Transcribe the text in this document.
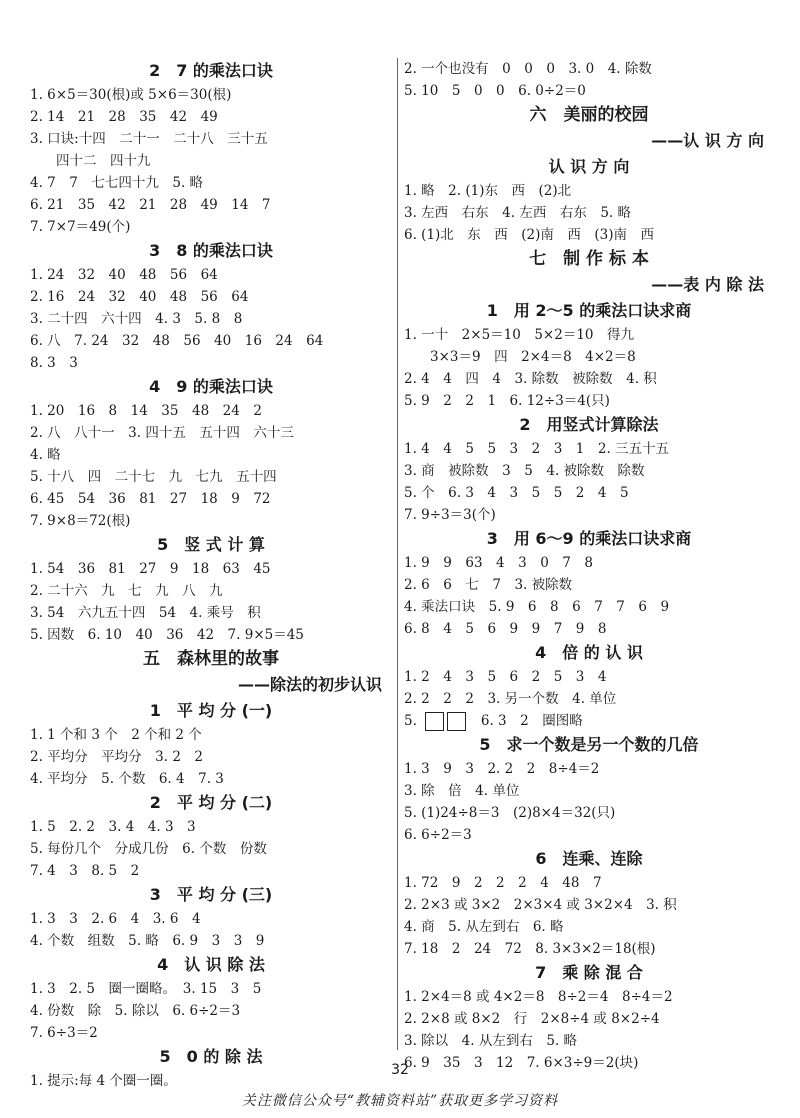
2　7 的乘法口诀
1. 6×5＝30(根)或 5×6＝30(根)
2. 14　21　28　35　42　49
3. 口诀:十四　二十一　二十八　三十五
四十二　四十九
4. 7　7　七七四十九　5. 略
6. 21　35　42　21　28　49　14　7
7. 7×7＝49(个)
3　8 的乘法口诀
1. 24　32　40　48　56　64
2. 16　24　32　40　48　56　64
3. 二十四　六十四　4. 3　5. 8　8
6. 八　7. 24　32　48　56　40　16　24　64
8. 3　3
4　9 的乘法口诀
1. 20　16　8　14　35　48　24　2
2. 八　八十一　3. 四十五　五十四　六十三
4. 略
5. 十八　四　二十七　九　七九　五十四
6. 45　54　36　81　27　18　9　72
7. 9×8＝72(根)
5　竖 式 计 算
1. 54　36　81　27　9　18　63　45
2. 二十六　九　七　九　八　九
3. 54　六九五十四　54　4. 乘号　积
5. 因数　6. 10　40　36　42　7. 9×5＝45
五　森林里的故事
——除法的初步认识
1　平 均 分 (一)
1. 1 个和 3 个　2 个和 2 个
2. 平均分　平均分　3. 2　2
4. 平均分　5. 个数　6. 4　7. 3
2　平 均 分 (二)
1. 5　2. 2　3. 4　4. 3　3
5. 每份几个　分成几份　6. 个数　份数
7. 4　3　8. 5　2
3　平 均 分 (三)
1. 3　3　2. 6　4　3. 6　4
4. 个数　组数　5. 略　6. 9　3　3　9
4　认 识 除 法
1. 3　2. 5　圈一圈略。　3. 15　3　5
4. 份数　除　5. 除以　6. 6÷2＝3
7. 6÷3＝2
5　0 的 除 法
1. 提示:每 4 个圈一圈。
2. 一个也没有　0　0　0　3. 0　4. 除数
5. 10　5　0　0　6. 0÷2＝0
六　美丽的校园
——认 识 方 向
认 识 方 向
1. 略　2. (1)东　西　(2)北
3. 左西　右东　4. 左西　右东　5. 略
6. (1)北　东　西　(2)南　西　(3)南　西
七　制 作 标 本
——表 内 除 法
1　用 2～5 的乘法口诀求商
1. 一十　2×5＝10　5×2＝10　得九
3×3＝9　四　2×4＝8　4×2＝8
2. 4　4　四　4　3. 除数　被除数　4. 积
5. 9　2　2　1　6. 12÷3＝4(只)
2　用竖式计算除法
1. 4　4　5　5　3　2　3　1　2. 三五十五
3. 商　被除数　3　5　4. 被除数　除数
5. 个　6. 3　4　3　5　5　2　4　5
7. 9÷3＝3(个)
3　用 6～9 的乘法口诀求商
1. 9　9　63　4　3　0　7　8
2. 6　6　七　7　3. 被除数
4. 乘法口诀　5. 9　6　8　6　7　7　6　9
6. 8　4　5　6　9　9　7　9　8
4　倍 的 认 识
1. 2　4　3　5　6　2　5　3　4
2. 2　2　2　3. 另一个数　4. 单位
5.	6. 3　2　圈图略
5　求一个数是另一个数的几倍
1. 3　9　3　2. 2　2　8÷4＝2
3. 除　倍　4. 单位
5. (1)24÷8＝3　(2)8×4＝32(只)
6. 6÷2＝3
6　连乘、连除
1. 72　9　2　2　2　4　48　7
2. 2×3 或 3×2　2×3×4 或 3×2×4　3. 积
4. 商　5. 从左到右　6. 略
7. 18　2　24　72　8. 3×3×2＝18(根)
7　乘 除 混 合
1. 2×4＝8 或 4×2＝8　8÷2＝4　8÷4＝2
2. 2×8 或 8×2　行　2×8÷4 或 8×2÷4
3. 除以　4. 从左到右　5. 略
6. 9　35　3　12　7. 6×3÷9＝2(块)
32
关注微信公众号“教辅资料站”获取更多学习资料
